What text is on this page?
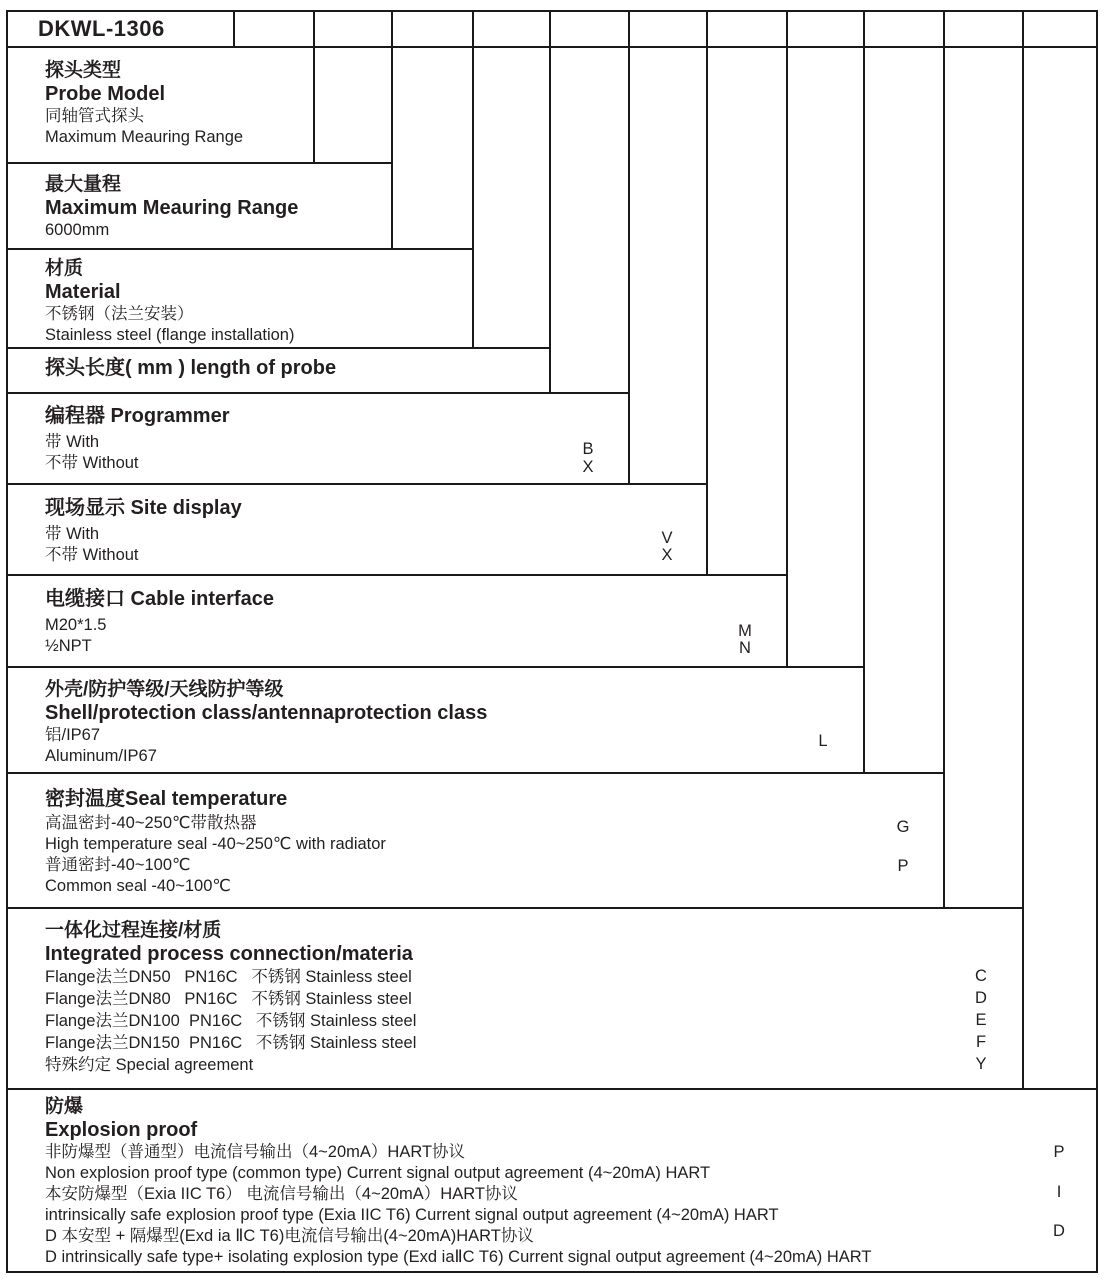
DKWL-1306
探头类型
Probe Model
同轴管式探头
Maximum Meauring Range
最大量程
Maximum Meauring Range
6000mm
材质
Material
不锈钢（法兰安装）
Stainless steel (flange installation)
探头长度( mm ) length of probe
编程器 Programmer
带 With
不带 Without
现场显示 Site display
带 With
不带 Without
电缆接口 Cable interface
M20*1.5
½NPT
外壳/防护等级/天线防护等级
Shell/protection class/antennaprotection class
铝/IP67
Aluminum/IP67
密封温度Seal temperature
高温密封-40~250℃带散热器
High temperature seal -40~250℃ with radiator
普通密封-40~100℃
Common seal -40~100℃
一体化过程连接/材质
Integrated process connection/materia
Flange法兰DN50   PN16C   不锈钢 Stainless steel
Flange法兰DN80   PN16C   不锈钢 Stainless steel
Flange法兰DN100  PN16C   不锈钢 Stainless steel
Flange法兰DN150  PN16C   不锈钢 Stainless steel
特殊约定 Special agreement
防爆
Explosion proof
非防爆型（普通型）电流信号输出（4~20mA）HART协议
Non explosion proof type (common type) Current signal output agreement (4~20mA) HART
本安防爆型（Exia IIC T6） 电流信号输出（4~20mA）HART协议
intrinsically safe explosion proof type (Exia IIC T6) Current signal output agreement (4~20mA) HART
D 本安型 + 隔爆型(Exd ia ⅡC T6)电流信号输出(4~20mA)HART协议
D intrinsically safe type+ isolating explosion type (Exd iaⅡC T6) Current signal output agreement (4~20mA) HART
B
X
V
X
M
N
L
G
P
C
D
E
F
Y
P
I
D
